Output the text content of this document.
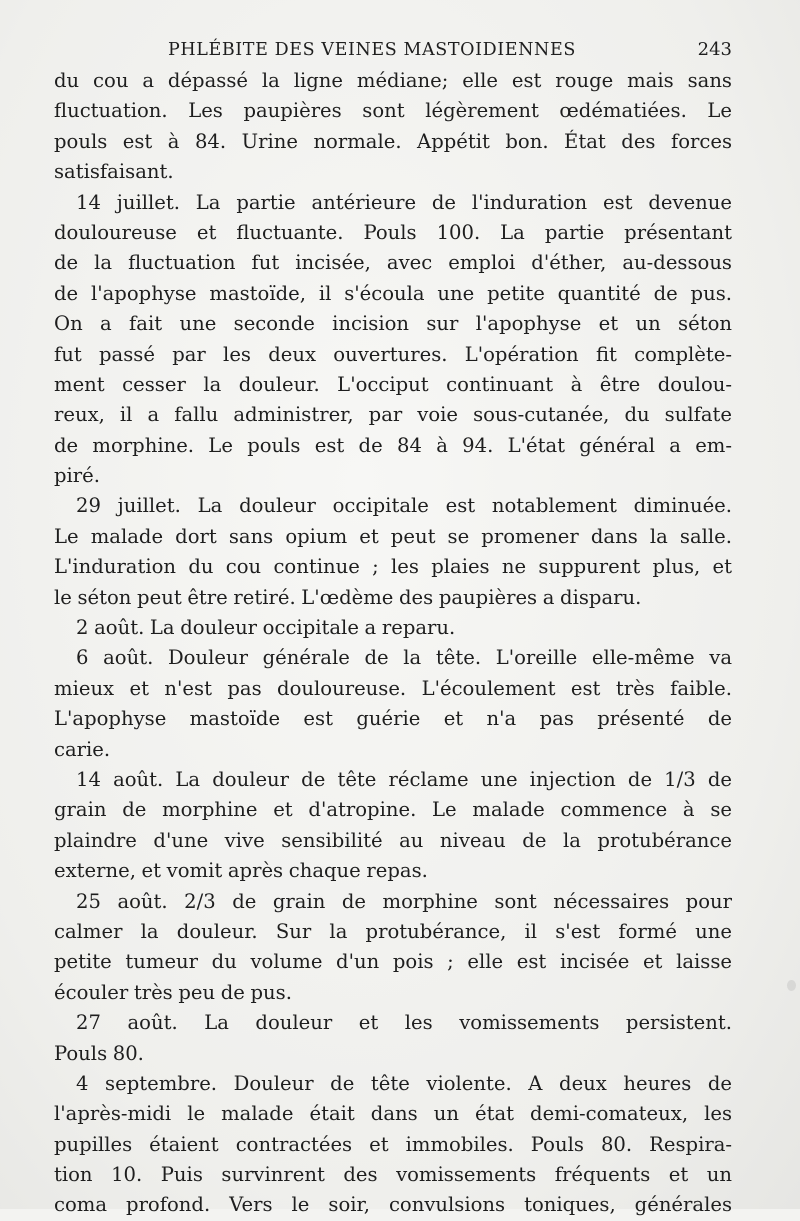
PHLÉBITE DES VEINES MASTOIDIENNES	243
du cou a dépassé la ligne médiane; elle est rouge mais sans
fluctuation. Les paupières sont légèrement œdématiées. Le
pouls est à 84. Urine normale. Appétit bon. État des forces
satisfaisant.
14 juillet. La partie antérieure de l'induration est devenue
douloureuse et fluctuante. Pouls 100. La partie présentant
de la fluctuation fut incisée, avec emploi d'éther, au-dessous
de l'apophyse mastoïde, il s'écoula une petite quantité de pus.
On a fait une seconde incision sur l'apophyse et un séton
fut passé par les deux ouvertures. L'opération fit complète-
ment cesser la douleur. L'occiput continuant à être doulou-
reux, il a fallu administrer, par voie sous-cutanée, du sulfate
de morphine. Le pouls est de 84 à 94. L'état général a em-
piré.
29 juillet. La douleur occipitale est notablement diminuée.
Le malade dort sans opium et peut se promener dans la salle.
L'induration du cou continue ; les plaies ne suppurent plus, et
le séton peut être retiré. L'œdème des paupières a disparu.
2 août. La douleur occipitale a reparu.
6 août. Douleur générale de la tête. L'oreille elle-même va
mieux et n'est pas douloureuse. L'écoulement est très faible.
L'apophyse mastoïde est guérie et n'a pas présenté de
carie.
14 août. La douleur de tête réclame une injection de 1/3 de
grain de morphine et d'atropine. Le malade commence à se
plaindre d'une vive sensibilité au niveau de la protubérance
externe, et vomit après chaque repas.
25 août. 2/3 de grain de morphine sont nécessaires pour
calmer la douleur. Sur la protubérance, il s'est formé une
petite tumeur du volume d'un pois ; elle est incisée et laisse
écouler très peu de pus.
27 août. La douleur et les vomissements persistent.
Pouls 80.
4 septembre. Douleur de tête violente. A deux heures de
l'après-midi le malade était dans un état demi-comateux, les
pupilles étaient contractées et immobiles. Pouls 80. Respira-
tion 10. Puis survinrent des vomissements fréquents et un
coma profond. Vers le soir, convulsions toniques, générales
